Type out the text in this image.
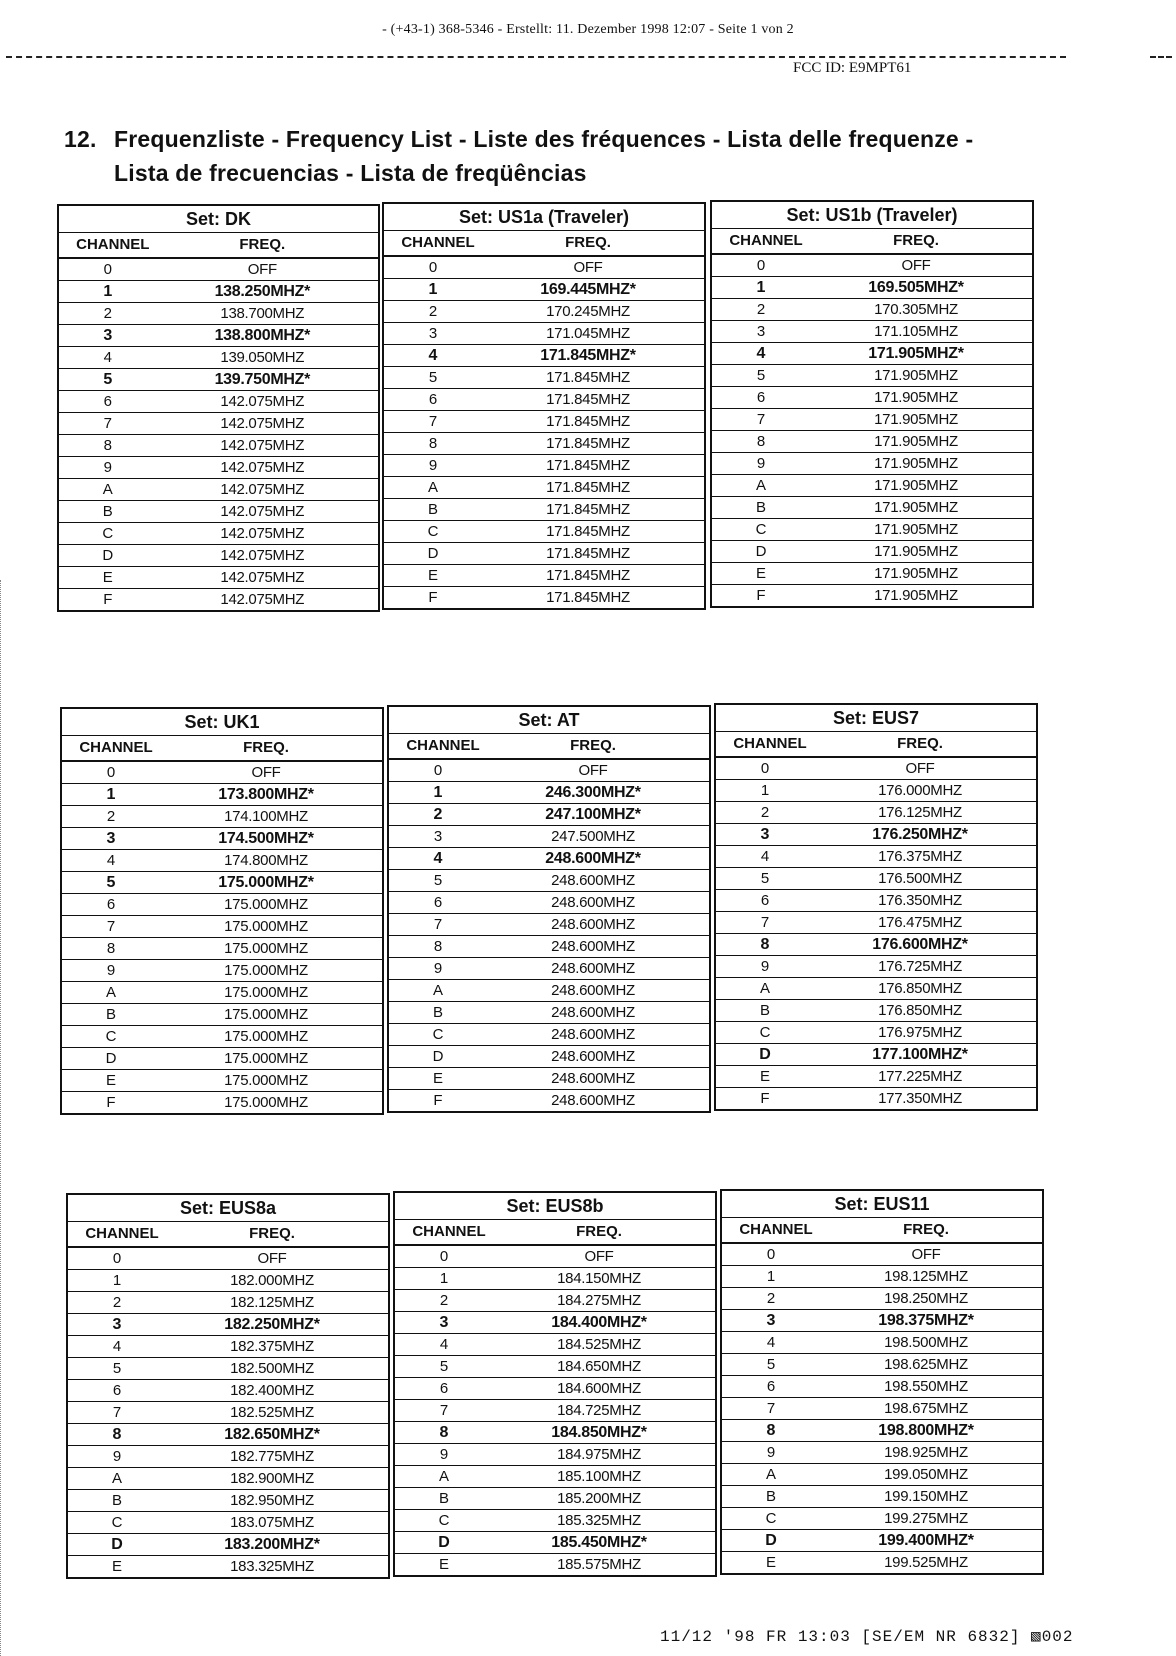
- (+43-1) 368-5346 - Erstellt: 11. Dezember 1998 12:07 - Seite 1 von 2
FCC ID: E9MPT61
12. Frequenzliste - Frequency List - Liste des fréquences - Lista delle frequenze -
Lista de frecuencias - Lista de freqüências
Set: DK
CHANNEL	FREQ.
0	OFF
1	138.250MHZ*
2	138.700MHZ
3	138.800MHZ*
4	139.050MHZ
5	139.750MHZ*
6	142.075MHZ
7	142.075MHZ
8	142.075MHZ
9	142.075MHZ
A	142.075MHZ
B	142.075MHZ
C	142.075MHZ
D	142.075MHZ
E	142.075MHZ
F	142.075MHZ
Set: US1a (Traveler)
CHANNEL	FREQ.
0	OFF
1	169.445MHZ*
2	170.245MHZ
3	171.045MHZ
4	171.845MHZ*
5	171.845MHZ
6	171.845MHZ
7	171.845MHZ
8	171.845MHZ
9	171.845MHZ
A	171.845MHZ
B	171.845MHZ
C	171.845MHZ
D	171.845MHZ
E	171.845MHZ
F	171.845MHZ
Set: US1b (Traveler)
CHANNEL	FREQ.
0	OFF
1	169.505MHZ*
2	170.305MHZ
3	171.105MHZ
4	171.905MHZ*
5	171.905MHZ
6	171.905MHZ
7	171.905MHZ
8	171.905MHZ
9	171.905MHZ
A	171.905MHZ
B	171.905MHZ
C	171.905MHZ
D	171.905MHZ
E	171.905MHZ
F	171.905MHZ
Set: UK1
CHANNEL	FREQ.
0	OFF
1	173.800MHZ*
2	174.100MHZ
3	174.500MHZ*
4	174.800MHZ
5	175.000MHZ*
6	175.000MHZ
7	175.000MHZ
8	175.000MHZ
9	175.000MHZ
A	175.000MHZ
B	175.000MHZ
C	175.000MHZ
D	175.000MHZ
E	175.000MHZ
F	175.000MHZ
Set: AT
CHANNEL	FREQ.
0	OFF
1	246.300MHZ*
2	247.100MHZ*
3	247.500MHZ
4	248.600MHZ*
5	248.600MHZ
6	248.600MHZ
7	248.600MHZ
8	248.600MHZ
9	248.600MHZ
A	248.600MHZ
B	248.600MHZ
C	248.600MHZ
D	248.600MHZ
E	248.600MHZ
F	248.600MHZ
Set: EUS7
CHANNEL	FREQ.
0	OFF
1	176.000MHZ
2	176.125MHZ
3	176.250MHZ*
4	176.375MHZ
5	176.500MHZ
6	176.350MHZ
7	176.475MHZ
8	176.600MHZ*
9	176.725MHZ
A	176.850MHZ
B	176.850MHZ
C	176.975MHZ
D	177.100MHZ*
E	177.225MHZ
F	177.350MHZ
Set: EUS8a
CHANNEL	FREQ.
0	OFF
1	182.000MHZ
2	182.125MHZ
3	182.250MHZ*
4	182.375MHZ
5	182.500MHZ
6	182.400MHZ
7	182.525MHZ
8	182.650MHZ*
9	182.775MHZ
A	182.900MHZ
B	182.950MHZ
C	183.075MHZ
D	183.200MHZ*
E	183.325MHZ
Set: EUS8b
CHANNEL	FREQ.
0	OFF
1	184.150MHZ
2	184.275MHZ
3	184.400MHZ*
4	184.525MHZ
5	184.650MHZ
6	184.600MHZ
7	184.725MHZ
8	184.850MHZ*
9	184.975MHZ
A	185.100MHZ
B	185.200MHZ
C	185.325MHZ
D	185.450MHZ*
E	185.575MHZ
Set: EUS11
CHANNEL	FREQ.
0	OFF
1	198.125MHZ
2	198.250MHZ
3	198.375MHZ*
4	198.500MHZ
5	198.625MHZ
6	198.550MHZ
7	198.675MHZ
8	198.800MHZ*
9	198.925MHZ
A	199.050MHZ
B	199.150MHZ
C	199.275MHZ
D	199.400MHZ*
E	199.525MHZ
11/12 '98 FR 13:03 [SE/EM NR 6832] ▧002
